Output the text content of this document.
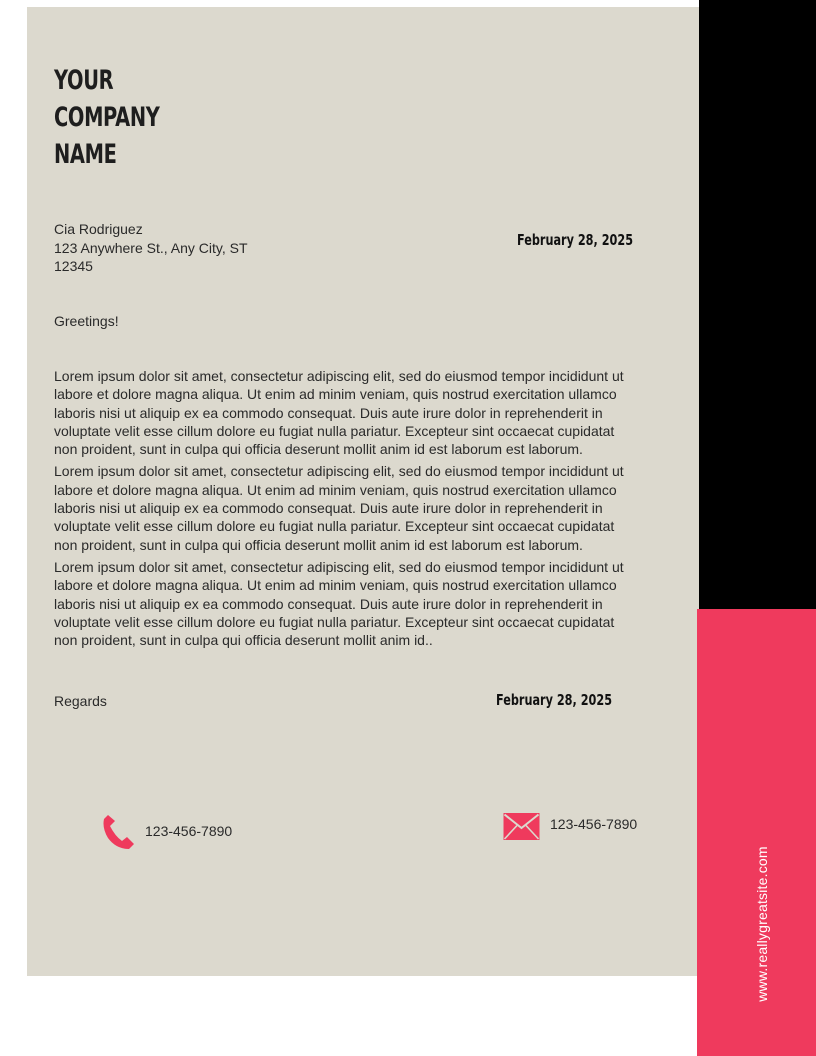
www.reallygreatsite.com
YOUR
COMPANY
NAME
Cia Rodriguez
123 Anywhere St., Any City, ST
12345
February 28, 2025
Greetings!

Lorem ipsum dolor sit amet, consectetur adipiscing elit, sed do eiusmod tempor incididunt ut labore et dolore magna aliqua. Ut enim ad minim veniam, quis nostrud exercitation ullamco laboris nisi ut aliquip ex ea commodo consequat. Duis aute irure dolor in reprehenderit in voluptate velit esse cillum dolore eu fugiat nulla pariatur. Excepteur sint occaecat cupidatat non proident, sunt in culpa qui officia deserunt mollit anim id est laborum est laborum.

Lorem ipsum dolor sit amet, consectetur adipiscing elit, sed do eiusmod tempor incididunt ut labore et dolore magna aliqua. Ut enim ad minim veniam, quis nostrud exercitation ullamco laboris nisi ut aliquip ex ea commodo consequat. Duis aute irure dolor in reprehenderit in voluptate velit esse cillum dolore eu fugiat nulla pariatur. Excepteur sint occaecat cupidatat non proident, sunt in culpa qui officia deserunt mollit anim id est laborum est laborum.

Lorem ipsum dolor sit amet, consectetur adipiscing elit, sed do eiusmod tempor incididunt ut labore et dolore magna aliqua. Ut enim ad minim veniam, quis nostrud exercitation ullamco laboris nisi ut aliquip ex ea commodo consequat. Duis aute irure dolor in reprehenderit in voluptate velit esse cillum dolore eu fugiat nulla pariatur. Excepteur sint occaecat cupidatat non proident, sunt in culpa qui officia deserunt mollit anim id..

Regards	February 28, 2025
123-456-7890	123-456-7890
